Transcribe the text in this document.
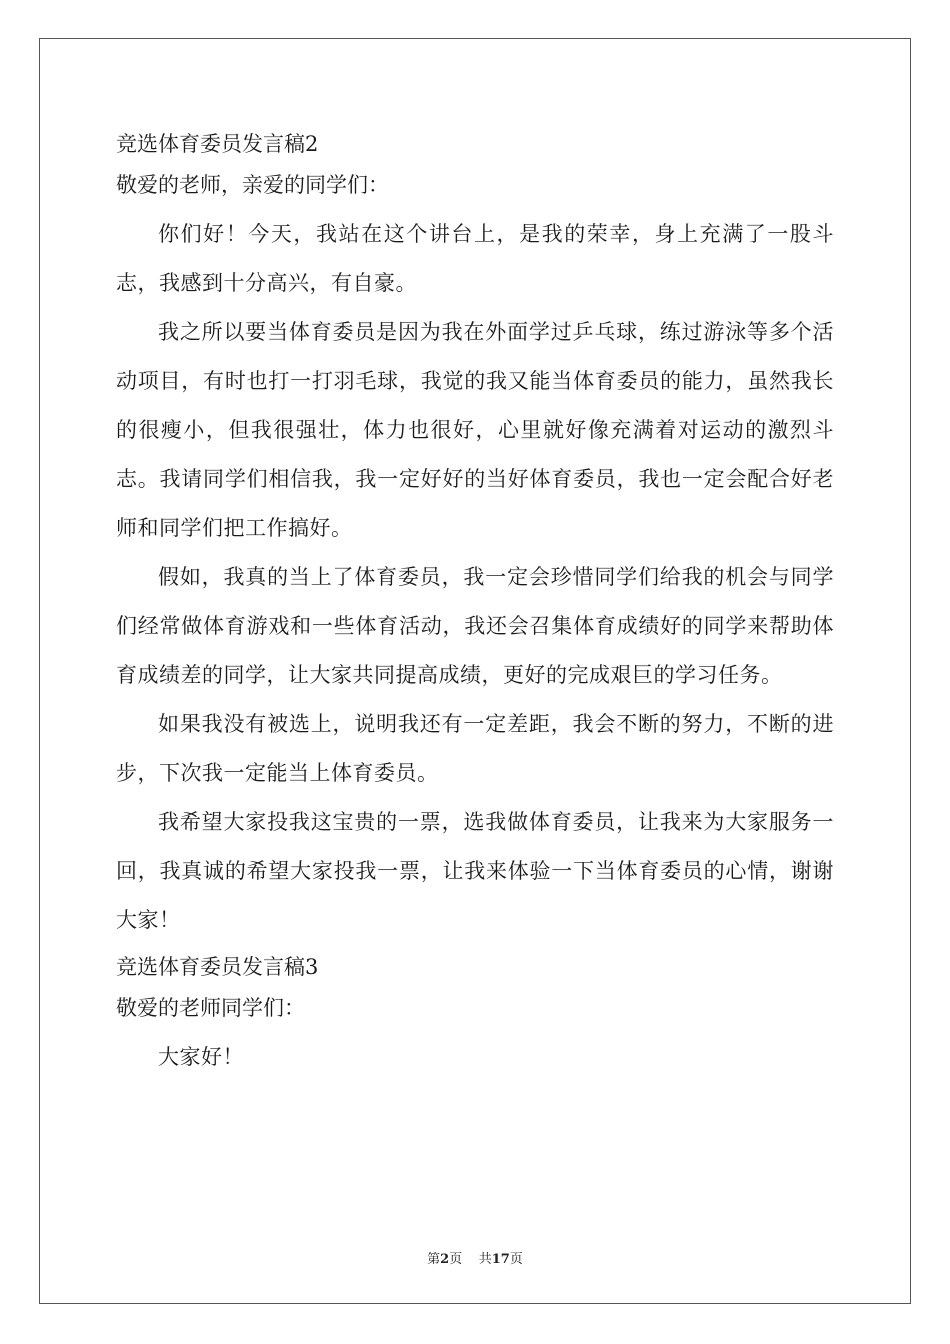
竞选体育委员发言稿2

敬爱的老师，亲爱的同学们：

你们好！今天，我站在这个讲台上，是我的荣幸，身上充满了一股斗志，我感到十分高兴，有自豪。

我之所以要当体育委员是因为我在外面学过乒乓球，练过游泳等多个活动项目，有时也打一打羽毛球，我觉的我又能当体育委员的能力，虽然我长的很瘦小，但我很强壮，体力也很好，心里就好像充满着对运动的激烈斗志。我请同学们相信我，我一定好好的当好体育委员，我也一定会配合好老师和同学们把工作搞好。

假如，我真的当上了体育委员，我一定会珍惜同学们给我的机会与同学们经常做体育游戏和一些体育活动，我还会召集体育成绩好的同学来帮助体育成绩差的同学，让大家共同提高成绩，更好的完成艰巨的学习任务。

如果我没有被选上，说明我还有一定差距，我会不断的努力，不断的进步，下次我一定能当上体育委员。

我希望大家投我这宝贵的一票，选我做体育委员，让我来为大家服务一回，我真诚的希望大家投我一票，让我来体验一下当体育委员的心情，谢谢大家！

竞选体育委员发言稿3

敬爱的老师同学们：

大家好！

第2页 共17页
